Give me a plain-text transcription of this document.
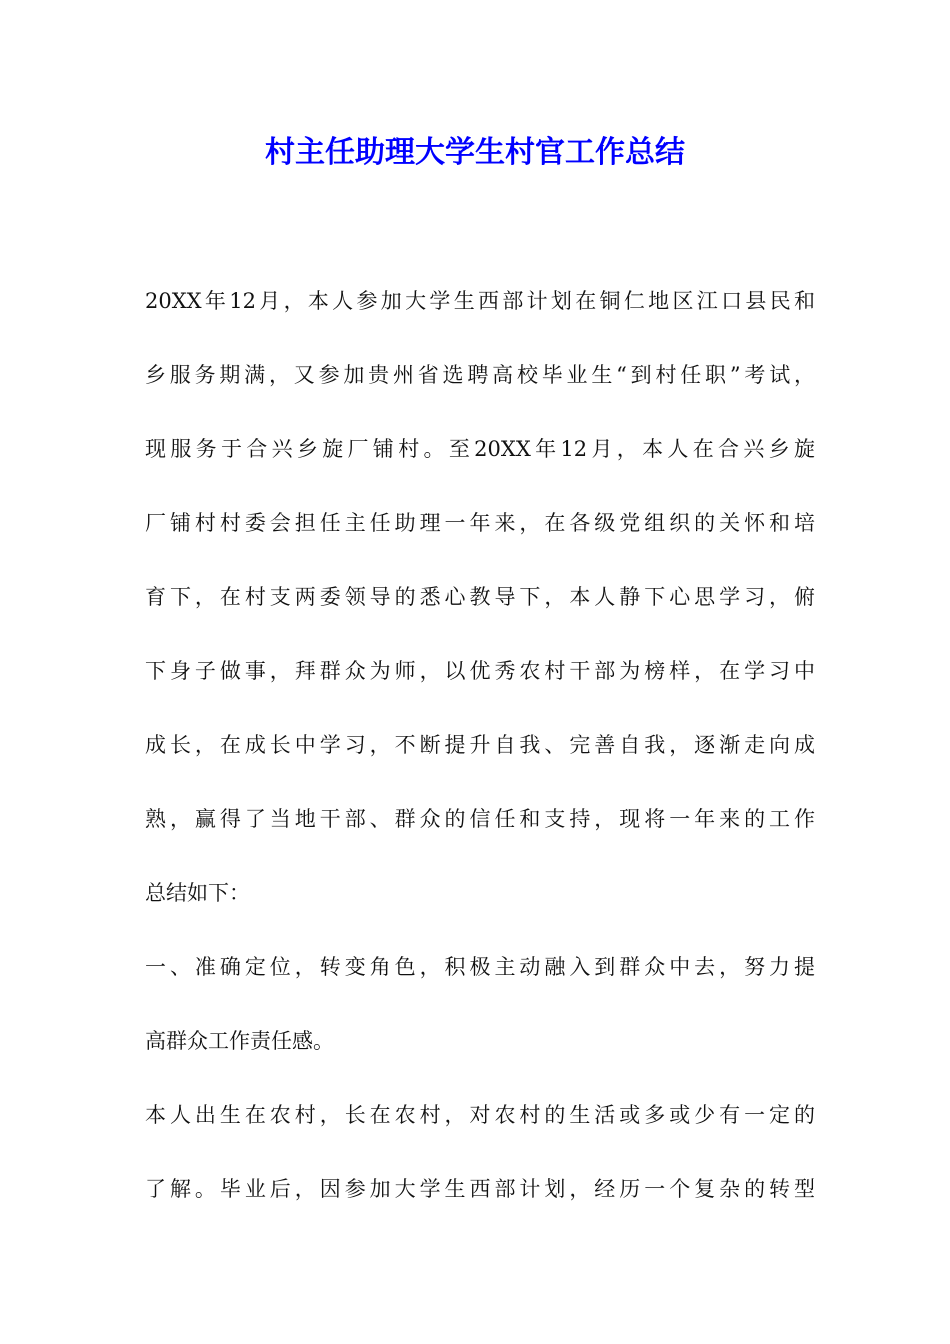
村主任助理大学生村官工作总结
20XX年12月，本人参加大学生西部计划在铜仁地区江口县民和
乡服务期满，又参加贵州省选聘高校毕业生“到村任职”考试，
现服务于合兴乡旋厂铺村。至20XX年12月，本人在合兴乡旋
厂铺村村委会担任主任助理一年来，在各级党组织的关怀和培
育下，在村支两委领导的悉心教导下，本人静下心思学习，俯
下身子做事，拜群众为师，以优秀农村干部为榜样，在学习中
成长，在成长中学习，不断提升自我、完善自我，逐渐走向成
熟，赢得了当地干部、群众的信任和支持，现将一年来的工作
总结如下：
一、准确定位，转变角色，积极主动融入到群众中去，努力提
高群众工作责任感。
本人出生在农村，长在农村，对农村的生活或多或少有一定的
了解。毕业后，因参加大学生西部计划，经历一个复杂的转型
